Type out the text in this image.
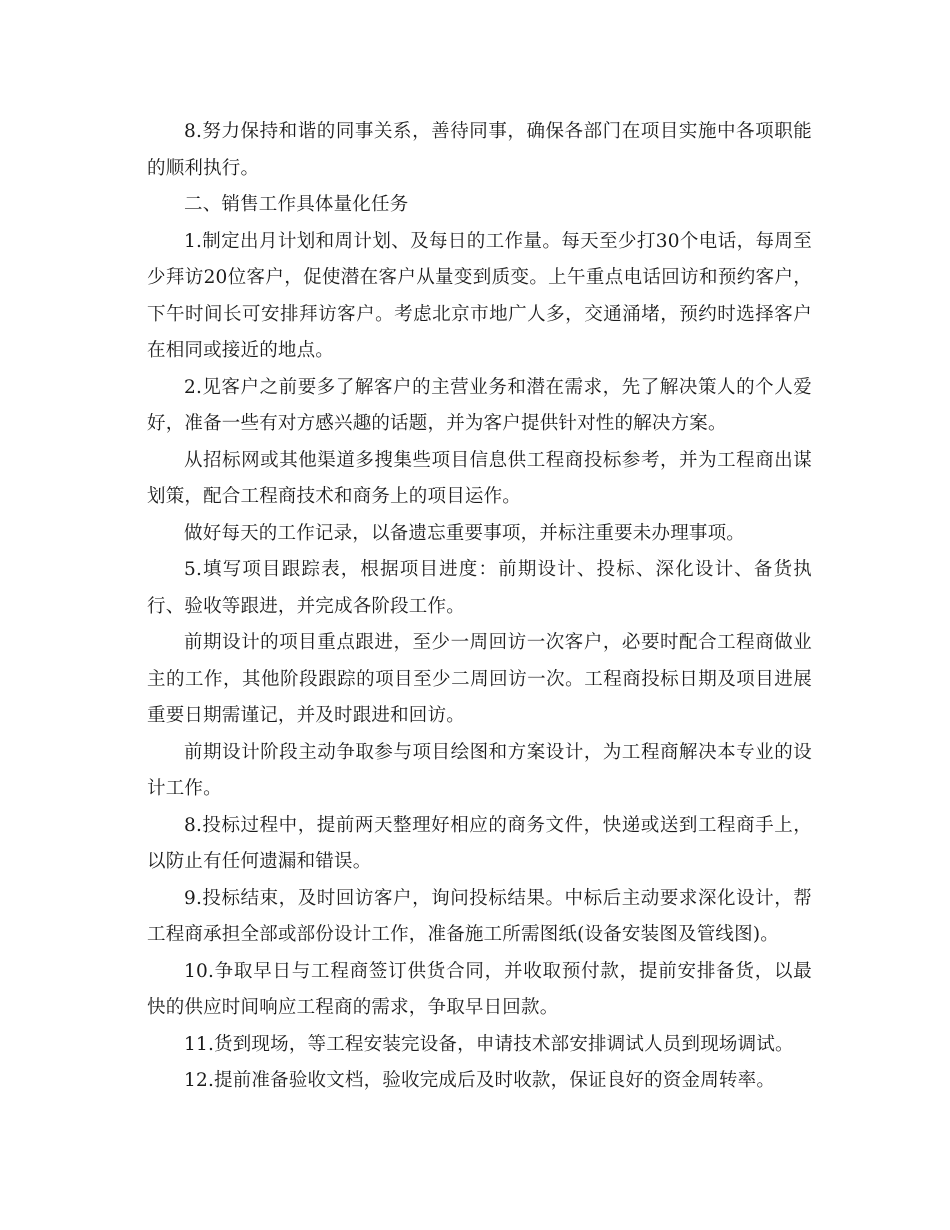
8.努力保持和谐的同事关系，善待同事，确保各部门在项目实施中各项职能的顺利执行。

二、销售工作具体量化任务

1.制定出月计划和周计划、及每日的工作量。每天至少打30个电话，每周至少拜访20位客户，促使潜在客户从量变到质变。上午重点电话回访和预约客户，下午时间长可安排拜访客户。考虑北京市地广人多，交通涌堵，预约时选择客户在相同或接近的地点。

2.见客户之前要多了解客户的主营业务和潜在需求，先了解决策人的个人爱好，准备一些有对方感兴趣的话题，并为客户提供针对性的解决方案。

从招标网或其他渠道多搜集些项目信息供工程商投标参考，并为工程商出谋划策，配合工程商技术和商务上的项目运作。

做好每天的工作记录，以备遗忘重要事项，并标注重要未办理事项。

5.填写项目跟踪表，根据项目进度：前期设计、投标、深化设计、备货执行、验收等跟进，并完成各阶段工作。

前期设计的项目重点跟进，至少一周回访一次客户，必要时配合工程商做业主的工作，其他阶段跟踪的项目至少二周回访一次。工程商投标日期及项目进展重要日期需谨记，并及时跟进和回访。

前期设计阶段主动争取参与项目绘图和方案设计，为工程商解决本专业的设计工作。

8.投标过程中，提前两天整理好相应的商务文件，快递或送到工程商手上，以防止有任何遗漏和错误。

9.投标结束，及时回访客户，询问投标结果。中标后主动要求深化设计，帮工程商承担全部或部份设计工作，准备施工所需图纸(设备安装图及管线图)。

10.争取早日与工程商签订供货合同，并收取预付款，提前安排备货，以最快的供应时间响应工程商的需求，争取早日回款。

11.货到现场，等工程安装完设备，申请技术部安排调试人员到现场调试。

12.提前准备验收文档，验收完成后及时收款，保证良好的资金周转率。
